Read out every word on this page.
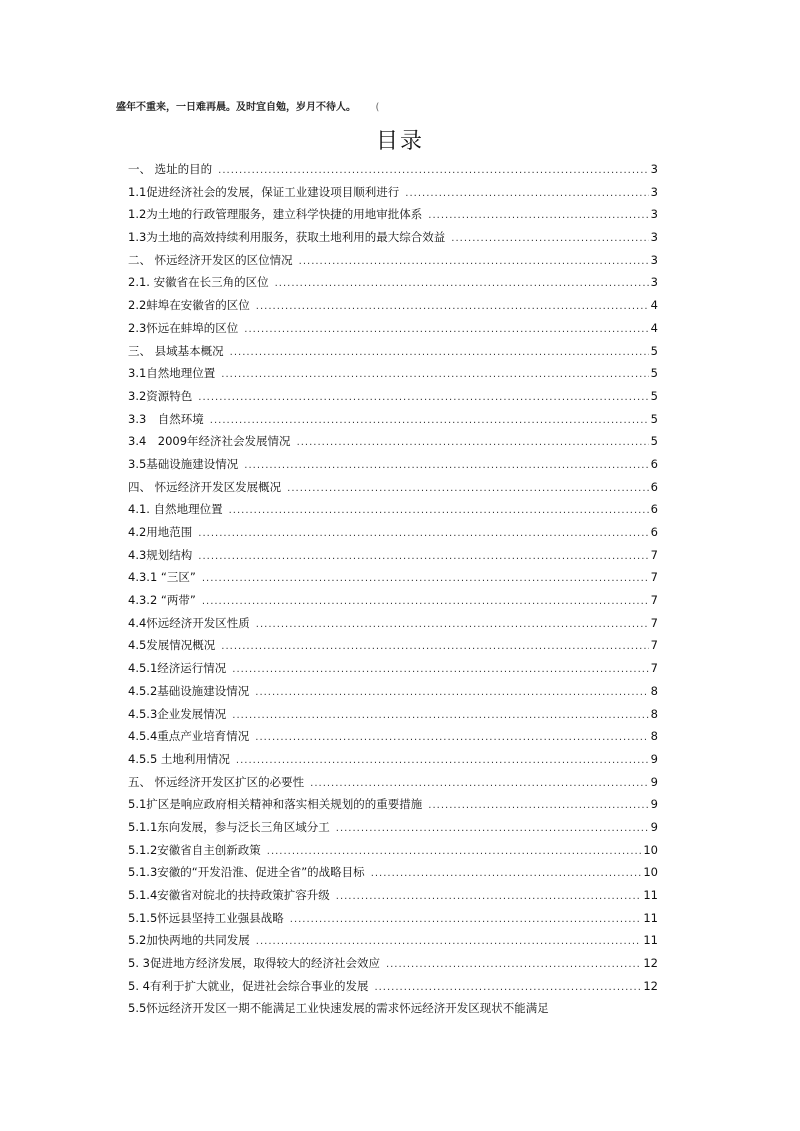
盛年不重来，一日难再晨。及时宜自勉，岁月不待人。 (
目录
一、 选址的目的 .....	3
1.1促进经济社会的发展，保证工业建设项目顺利进行 .....	3
1.2为土地的行政管理服务，建立科学快捷的用地审批体系 .....	3
1.3为土地的高效持续利用服务，获取土地利用的最大综合效益 .....	3
二、 怀远经济开发区的区位情况 .....	3
2.1. 安徽省在长三角的区位 .....	3
2.2蚌埠在安徽省的区位 .....	4
2.3怀远在蚌埠的区位 .....	4
三、 县域基本概况 .....	5
3.1自然地理位置 .....	5
3.2资源特色 .....	5
3.3　自然环境 .....	5
3.4　2009年经济社会发展情况 .....	5
3.5基础设施建设情况 .....	6
四、 怀远经济开发区发展概况 .....	6
4.1. 自然地理位置 .....	6
4.2用地范围 .....	6
4.3规划结构 .....	7
4.3.1 “三区” .....	7
4.3.2 “两带” .....	7
4.4怀远经济开发区性质 .....	7
4.5发展情况概况 .....	7
4.5.1经济运行情况 .....	7
4.5.2基础设施建设情况 .....	8
4.5.3企业发展情况 .....	8
4.5.4重点产业培育情况 .....	8
4.5.5 土地利用情况 .....	9
五、 怀远经济开发区扩区的必要性 .....	9
5.1扩区是响应政府相关精神和落实相关规划的的重要措施 .....	9
5.1.1东向发展，参与泛长三角区域分工 .....	9
5.1.2安徽省自主创新政策 .....	10
5.1.3安徽的“开发沿淮、促进全省”的战略目标 .....	10
5.1.4安徽省对皖北的扶持政策扩容升级 .....	11
5.1.5怀远县坚持工业强县战略 .....	11
5.2加快两地的共同发展 .....	11
5. 3促进地方经济发展，取得较大的经济社会效应 .....	12
5. 4有利于扩大就业，促进社会综合事业的发展 .....	12
5.5怀远经济开发区一期不能满足工业快速发展的需求怀远经济开发区现状不能满足
